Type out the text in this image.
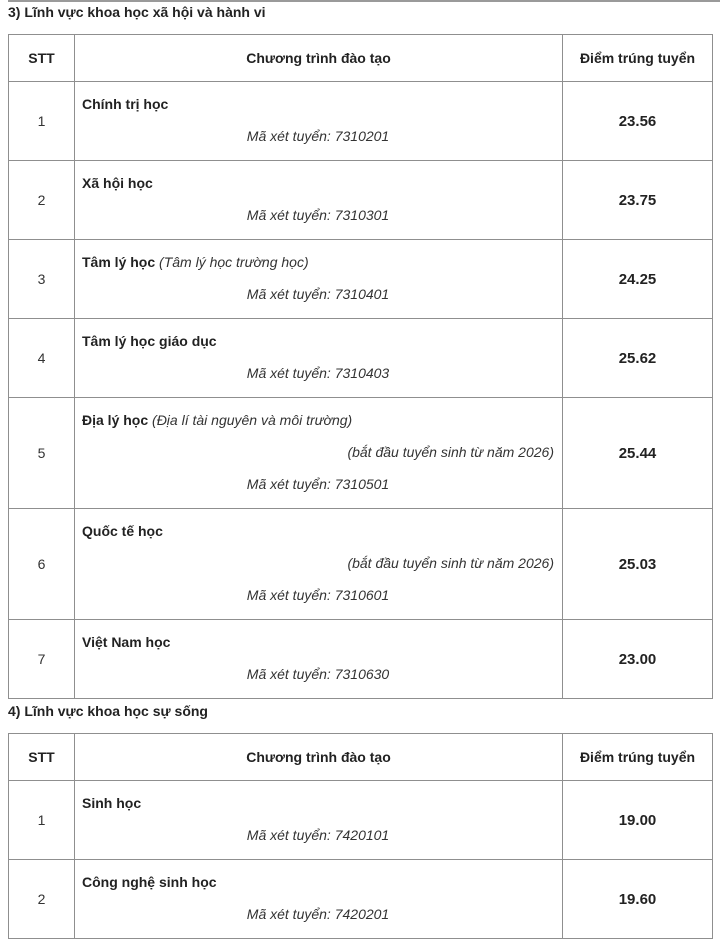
3) Lĩnh vực khoa học xã hội và hành vi
STT	Chương trình đào tạo	Điểm trúng tuyển
1	Chính trị học
Mã xét tuyển: 7310201	23.56
2	Xã hội học
Mã xét tuyển: 7310301	23.75
3	Tâm lý học (Tâm lý học trường học)
Mã xét tuyển: 7310401	24.25
4	Tâm lý học giáo dục
Mã xét tuyển: 7310403	25.62
5	Địa lý học (Địa lí tài nguyên và môi trường)
(bắt đầu tuyển sinh từ năm 2026)
Mã xét tuyển: 7310501	25.44
6	Quốc tế học
(bắt đầu tuyển sinh từ năm 2026)
Mã xét tuyển: 7310601	25.03
7	Việt Nam học
Mã xét tuyển: 7310630	23.00
4) Lĩnh vực khoa học sự sống
STT	Chương trình đào tạo	Điểm trúng tuyển
1	Sinh học
Mã xét tuyển: 7420101	19.00
2	Công nghệ sinh học
Mã xét tuyển: 7420201	19.60
